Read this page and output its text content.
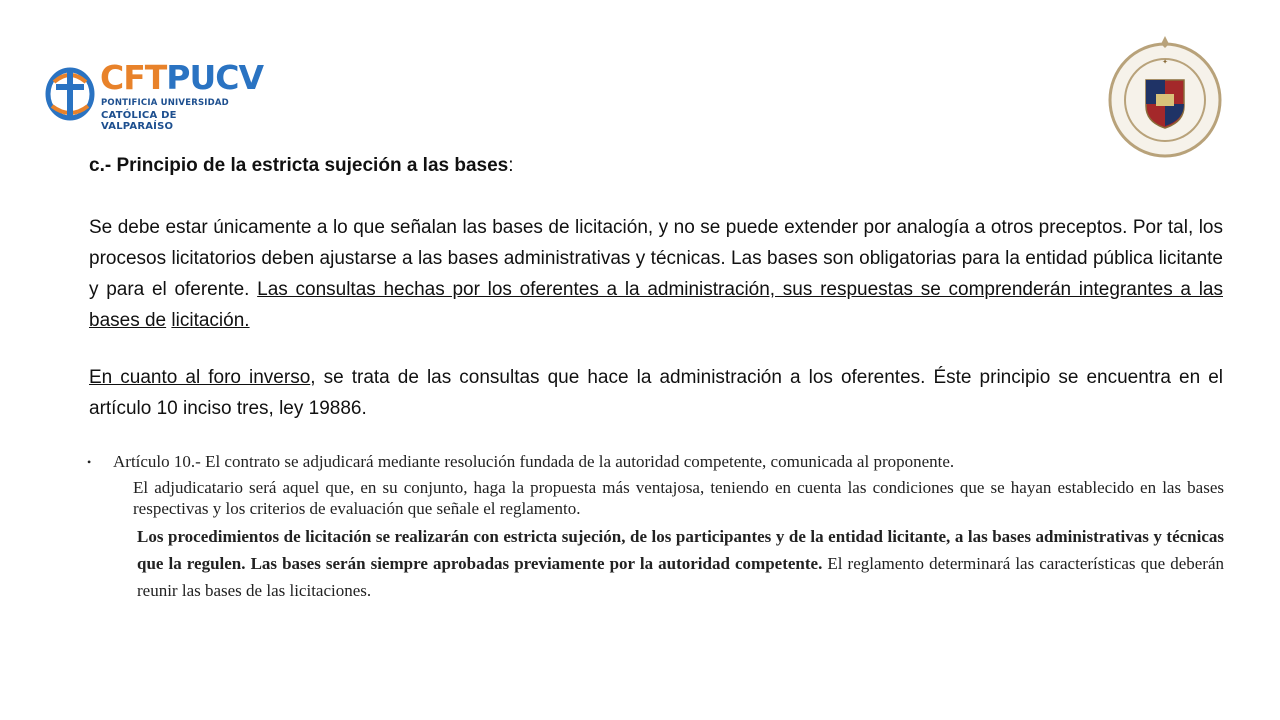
CFTPUCV
PONTIFICIA UNIVERSIDAD
CATÓLICA DE VALPARAÍSO
✦
c.- Principio de la estricta sujeción a las bases:
Se debe estar únicamente a lo que señalan las bases de licitación, y no se puede extender por analogía a otros preceptos. Por tal, los procesos licitatorios deben ajustarse a las bases administrativas y técnicas. Las bases son obligatorias para la entidad pública licitante y para el oferente. Las consultas hechas por los oferentes a la administración, sus respuestas se comprenderán integrantes a las bases de licitación.
En cuanto al foro inverso, se trata de las consultas que hace la administración a los oferentes. Éste principio se encuentra en el artículo 10 inciso tres, ley 19886.
• Artículo 10.- El contrato se adjudicará mediante resolución fundada de la autoridad competente, comunicada al proponente.
El adjudicatario será aquel que, en su conjunto, haga la propuesta más ventajosa, teniendo en cuenta las condiciones que se hayan establecido en las bases respectivas y los criterios de evaluación que señale el reglamento.
Los procedimientos de licitación se realizarán con estricta sujeción, de los participantes y de la entidad licitante, a las bases administrativas y técnicas que la regulen. Las bases serán siempre aprobadas previamente por la autoridad competente. El reglamento determinará las características que deberán reunir las bases de las licitaciones.
